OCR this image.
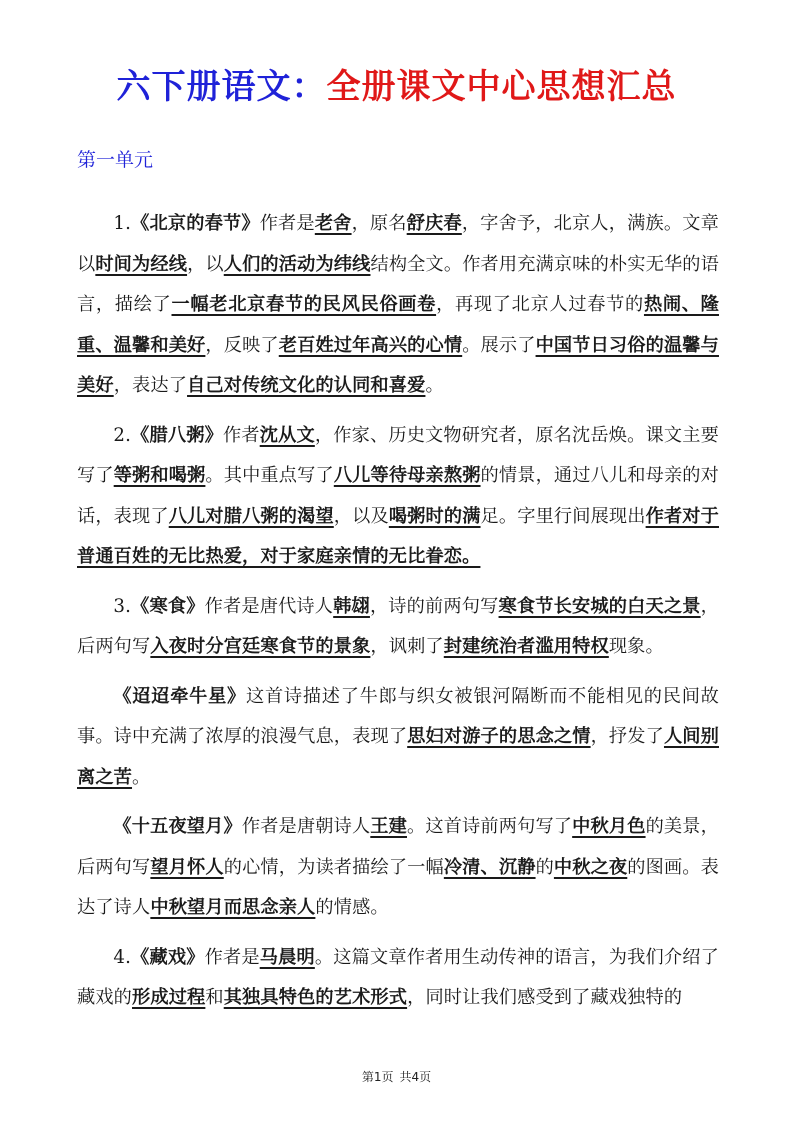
六下册语文：全册课文中心思想汇总
第一单元

1.《北京的春节》作者是老舍，原名舒庆春，字舍予，北京人，满族。文章以时间为经线，以人们的活动为纬线结构全文。作者用充满京味的朴实无华的语言，描绘了一幅老北京春节的民风民俗画卷，再现了北京人过春节的热闹、隆重、温馨和美好，反映了老百姓过年高兴的心情。展示了中国节日习俗的温馨与美好，表达了自己对传统文化的认同和喜爱。

2.《腊八粥》作者沈从文，作家、历史文物研究者，原名沈岳焕。课文主要写了等粥和喝粥。其中重点写了八儿等待母亲熬粥的情景，通过八儿和母亲的对话，表现了八儿对腊八粥的渴望，以及喝粥时的满足。字里行间展现出作者对于普通百姓的无比热爱，对于家庭亲情的无比眷恋。

3.《寒食》作者是唐代诗人韩翃，诗的前两句写寒食节长安城的白天之景，后两句写入夜时分宫廷寒食节的景象，讽刺了封建统治者滥用特权现象。

《迢迢牵牛星》这首诗描述了牛郎与织女被银河隔断而不能相见的民间故事。诗中充满了浓厚的浪漫气息，表现了思妇对游子的思念之情，抒发了人间别离之苦。

《十五夜望月》作者是唐朝诗人王建。这首诗前两句写了中秋月色的美景，后两句写望月怀人的心情，为读者描绘了一幅冷清、沉静的中秋之夜的图画。表达了诗人中秋望月而思念亲人的情感。

4.《藏戏》作者是马晨明。这篇文章作者用生动传神的语言，为我们介绍了藏戏的形成过程和其独具特色的艺术形式，同时让我们感受到了藏戏独特的

第1页 共4页
